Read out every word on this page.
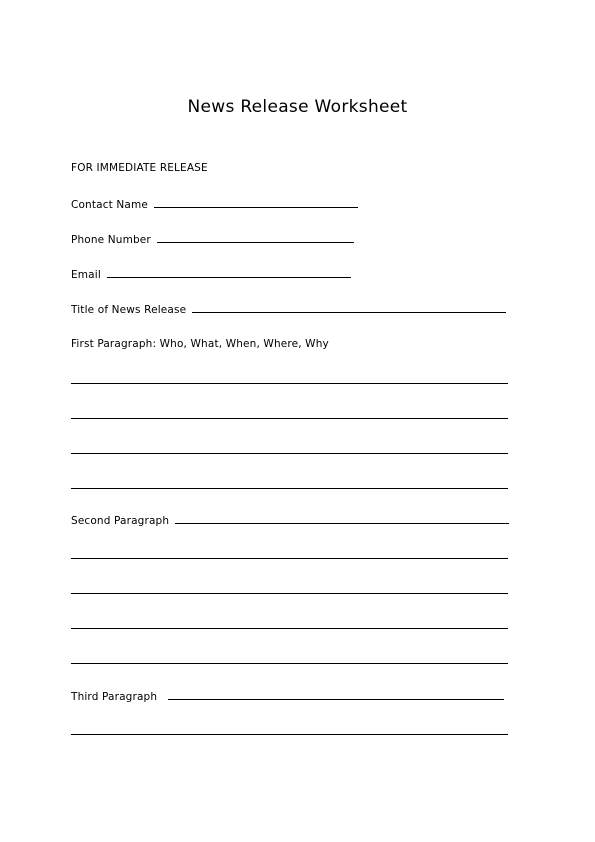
News Release Worksheet
FOR IMMEDIATE RELEASE
Contact Name
Phone Number
Email
Title of News Release
First Paragraph: Who, What, When, Where, Why
Second Paragraph
Third Paragraph
